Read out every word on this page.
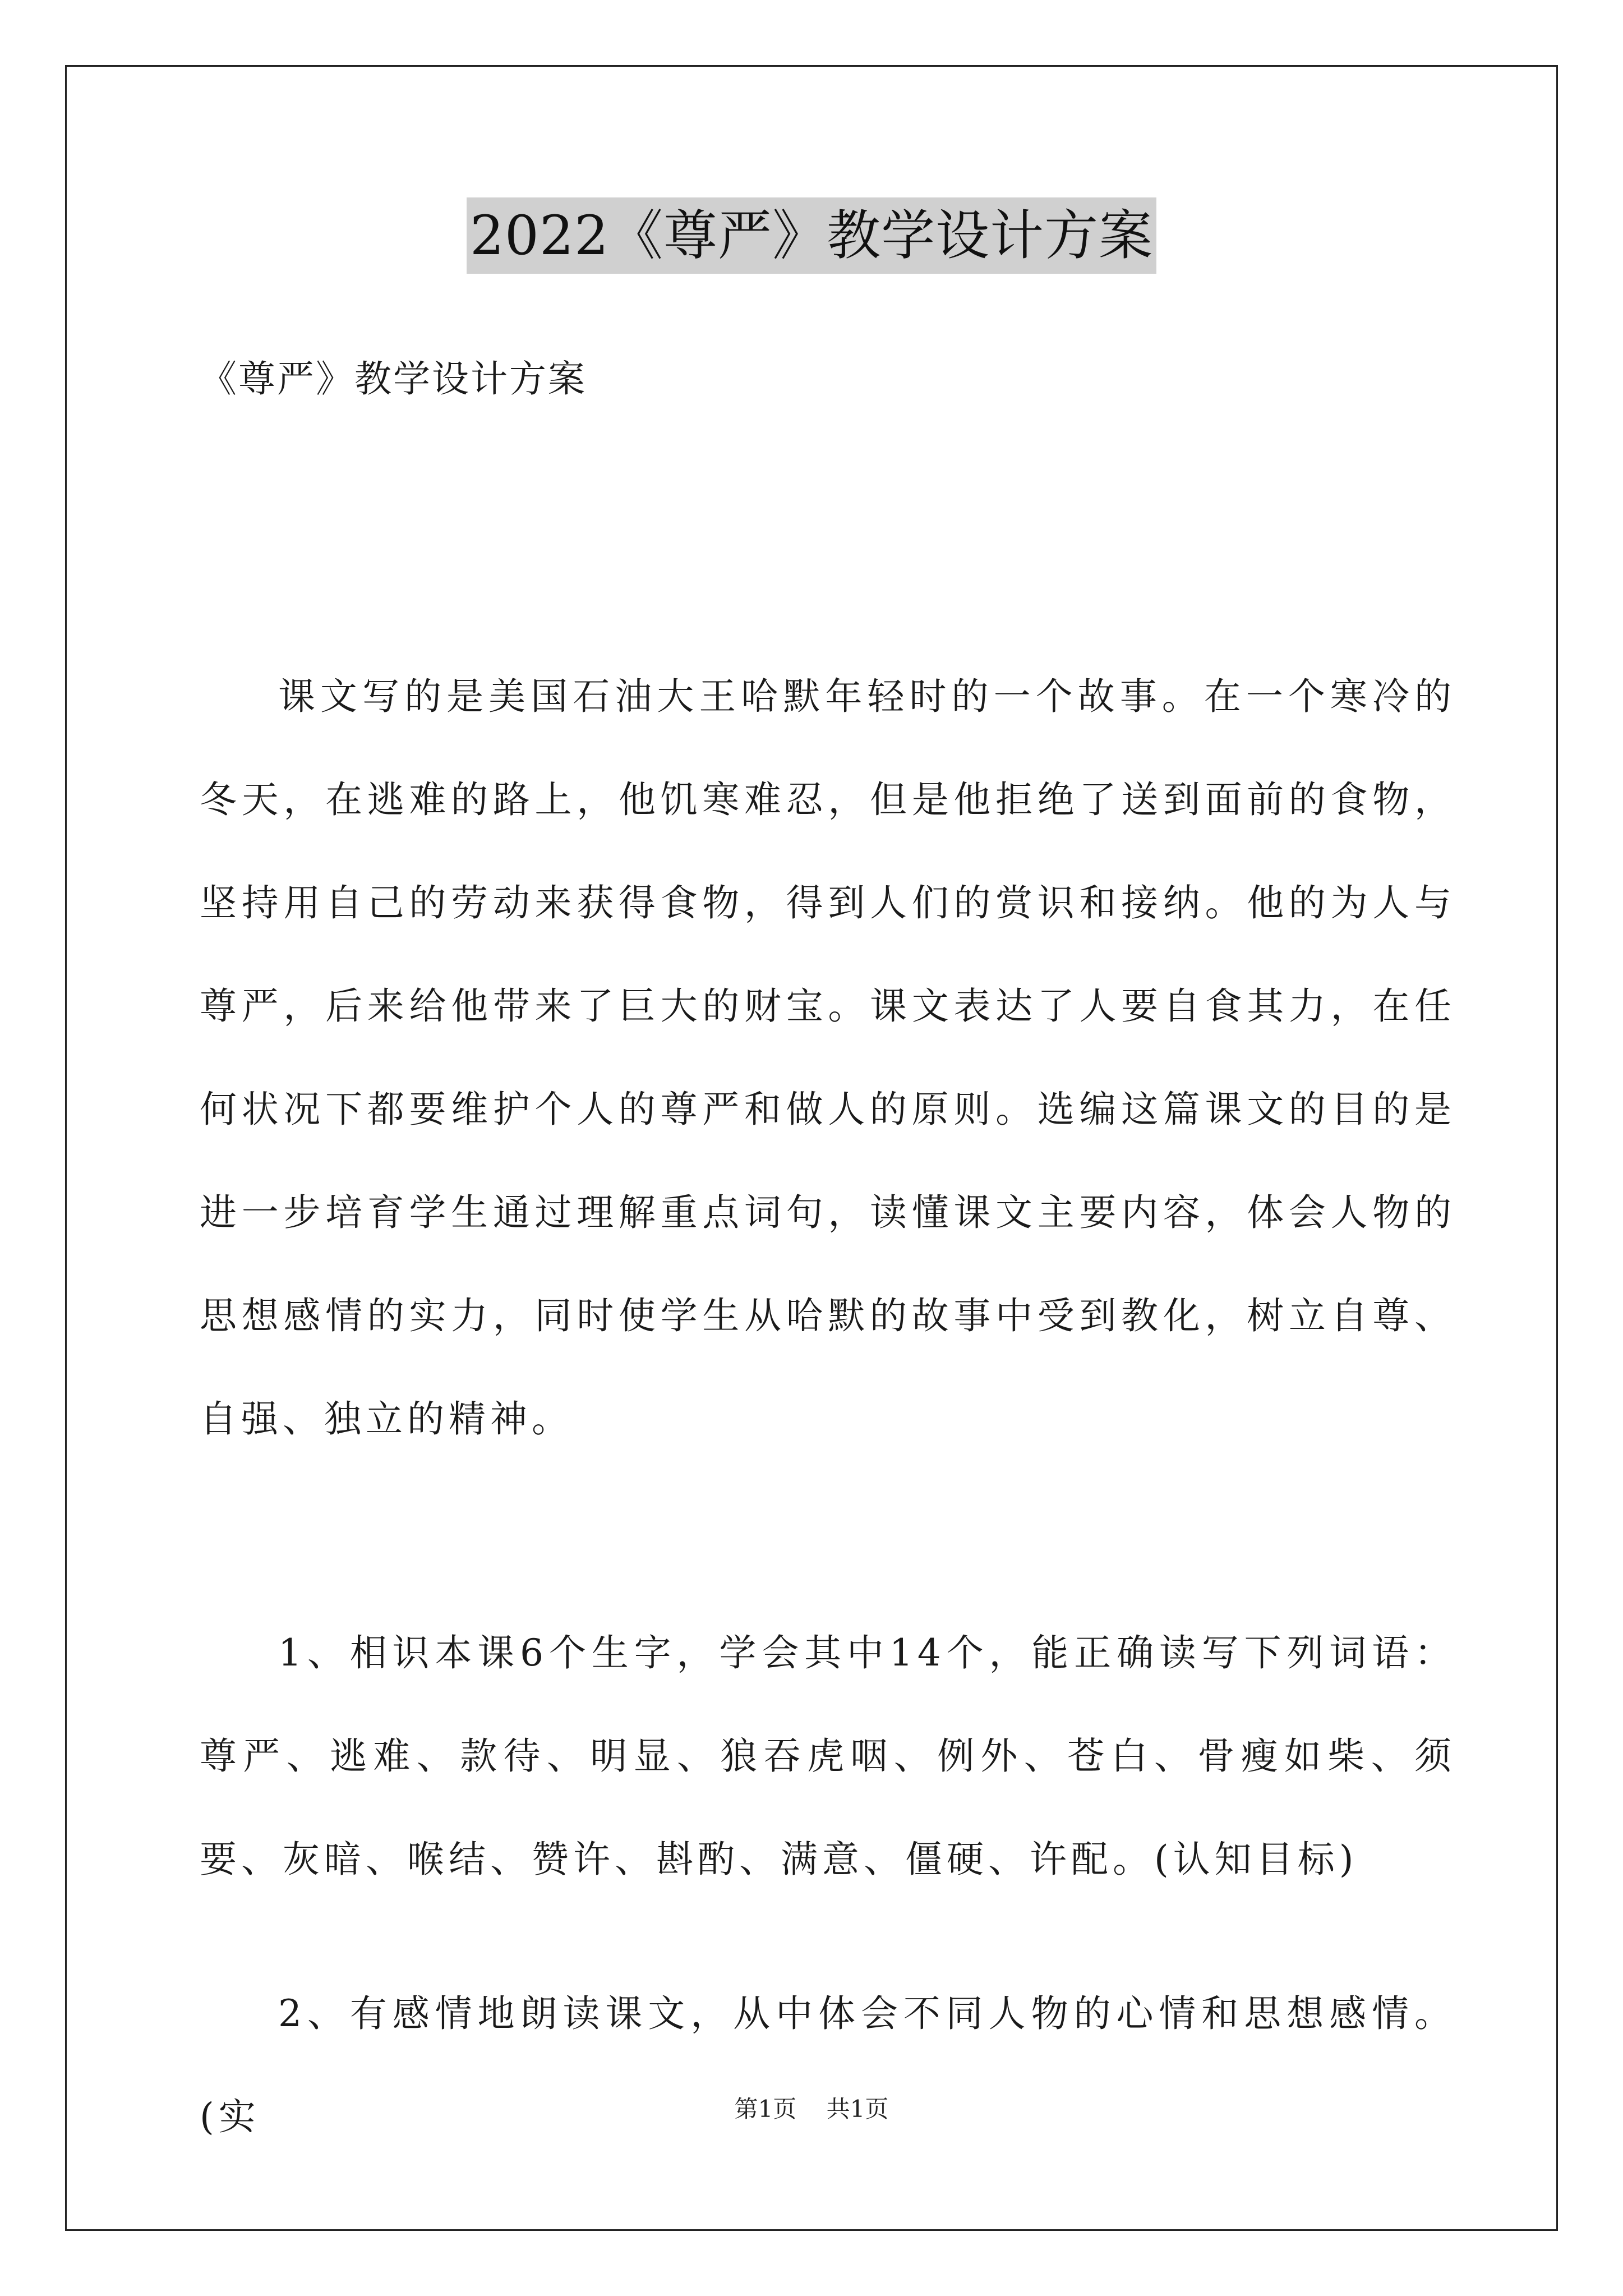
2022《尊严》教学设计方案
《尊严》教学设计方案

课文写的是美国石油大王哈默年轻时的一个故事。在一个寒冷的冬天，在逃难的路上，他饥寒难忍，但是他拒绝了送到面前的食物，坚持用自己的劳动来获得食物，得到人们的赏识和接纳。他的为人与尊严，后来给他带来了巨大的财宝。课文表达了人要自食其力，在任何状况下都要维护个人的尊严和做人的原则。选编这篇课文的目的是进一步培育学生通过理解重点词句，读懂课文主要内容，体会人物的思想感情的实力，同时使学生从哈默的故事中受到教化，树立自尊、自强、独立的精神。

1、相识本课6个生字，学会其中14个，能正确读写下列词语：尊严、逃难、款待、明显、狼吞虎咽、例外、苍白、骨瘦如柴、须要、灰暗、喉结、赞许、斟酌、满意、僵硬、许配。(认知目标)

2、有感情地朗读课文，从中体会不同人物的心情和思想感情。(实	第1页    共1页
